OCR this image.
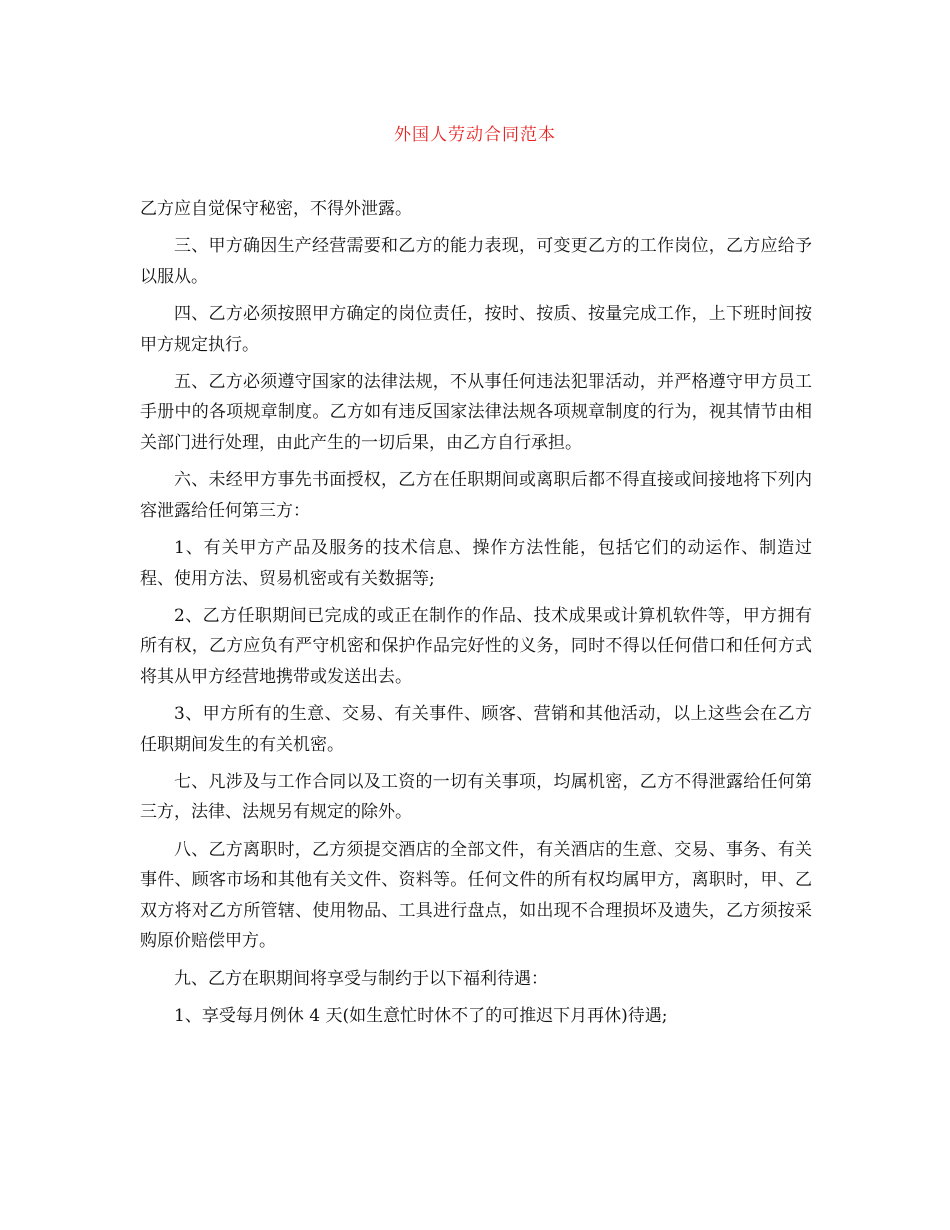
外国人劳动合同范本

乙方应自觉保守秘密，不得外泄露。

三、甲方确因生产经营需要和乙方的能力表现，可变更乙方的工作岗位，乙方应给予以服从。

四、乙方必须按照甲方确定的岗位责任，按时、按质、按量完成工作，上下班时间按甲方规定执行。

五、乙方必须遵守国家的法律法规，不从事任何违法犯罪活动，并严格遵守甲方员工手册中的各项规章制度。乙方如有违反国家法律法规各项规章制度的行为，视其情节由相关部门进行处理，由此产生的一切后果，由乙方自行承担。

六、未经甲方事先书面授权，乙方在任职期间或离职后都不得直接或间接地将下列内容泄露给任何第三方：

1、有关甲方产品及服务的技术信息、操作方法性能，包括它们的动运作、制造过程、使用方法、贸易机密或有关数据等;

2、乙方任职期间已完成的或正在制作的作品、技术成果或计算机软件等，甲方拥有所有权，乙方应负有严守机密和保护作品完好性的义务，同时不得以任何借口和任何方式将其从甲方经营地携带或发送出去。

3、甲方所有的生意、交易、有关事件、顾客、营销和其他活动，以上这些会在乙方任职期间发生的有关机密。

七、凡涉及与工作合同以及工资的一切有关事项，均属机密，乙方不得泄露给任何第三方，法律、法规另有规定的除外。

八、乙方离职时，乙方须提交酒店的全部文件，有关酒店的生意、交易、事务、有关事件、顾客市场和其他有关文件、资料等。任何文件的所有权均属甲方，离职时，甲、乙双方将对乙方所管辖、使用物品、工具进行盘点，如出现不合理损坏及遗失，乙方须按采购原价赔偿甲方。

九、乙方在职期间将享受与制约于以下福利待遇：

1、享受每月例休 4 天(如生意忙时休不了的可推迟下月再休)待遇;
